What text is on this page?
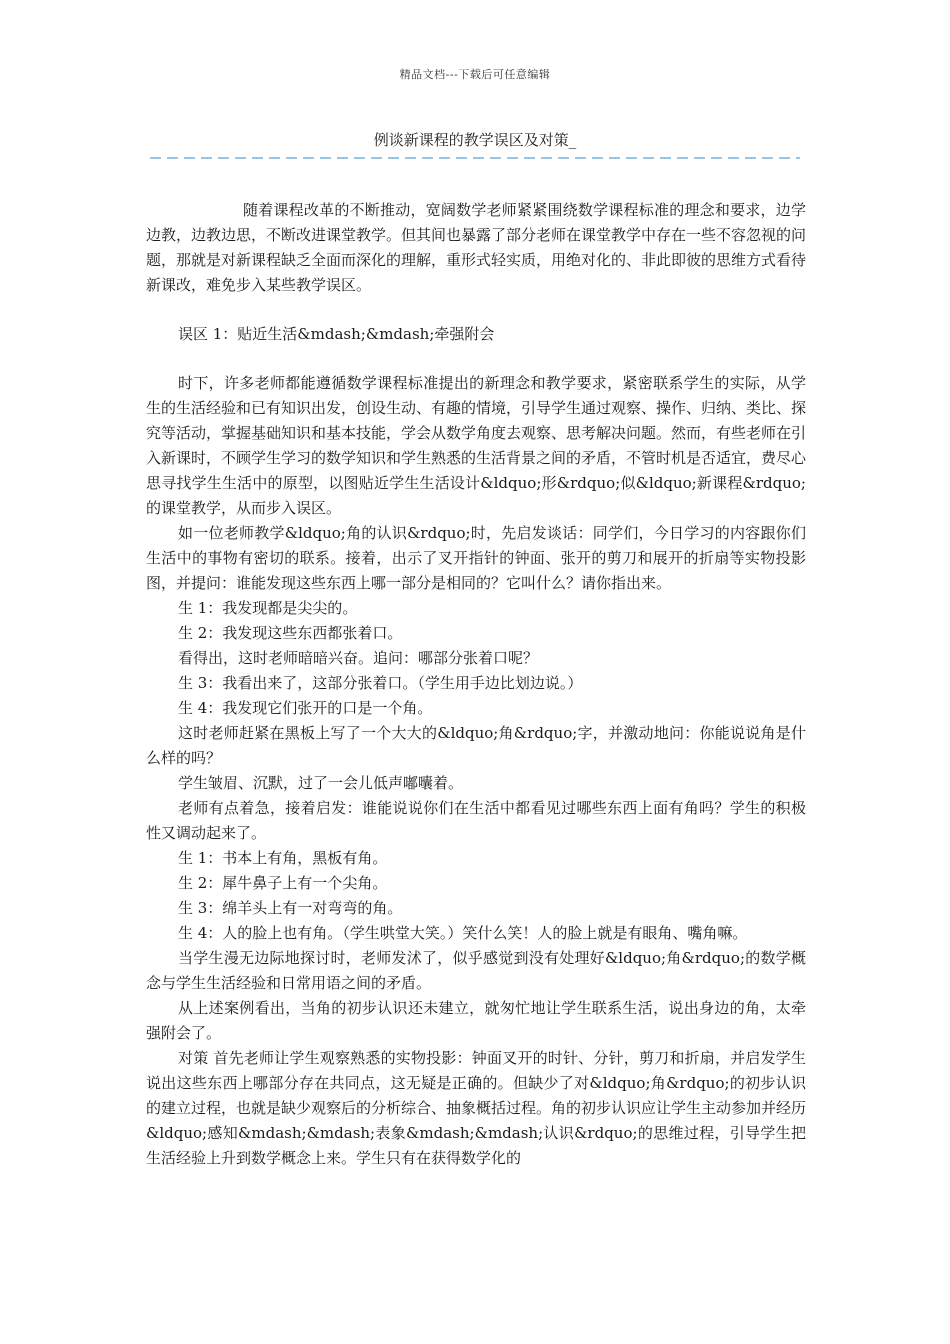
精品文档---下载后可任意编辑
例谈新课程的教学误区及对策_

随着课程改革的不断推动，宽阔数学老师紧紧围绕数学课程标准的理念和要求，边学边教，边教边思，不断改进课堂教学。但其间也暴露了部分老师在课堂教学中存在一些不容忽视的问题，那就是对新课程缺乏全面而深化的理解，重形式轻实质，用绝对化的、非此即彼的思维方式看待新课改，难免步入某些教学误区。

误区 1：贴近生活&mdash;&mdash;牵强附会

时下，许多老师都能遵循数学课程标准提出的新理念和教学要求，紧密联系学生的实际，从学生的生活经验和已有知识出发，创设生动、有趣的情境，引导学生通过观察、操作、归纳、类比、探究等活动，掌握基础知识和基本技能，学会从数学角度去观察、思考解决问题。然而，有些老师在引入新课时，不顾学生学习的数学知识和学生熟悉的生活背景之间的矛盾，不管时机是否适宜，费尽心思寻找学生生活中的原型，以图贴近学生生活设计&ldquo;形&rdquo;似&ldquo;新课程&rdquo;的课堂教学，从而步入误区。

如一位老师教学&ldquo;角的认识&rdquo;时，先启发谈话：同学们，今日学习的内容跟你们生活中的事物有密切的联系。接着，出示了叉开指针的钟面、张开的剪刀和展开的折扇等实物投影图，并提问：谁能发现这些东西上哪一部分是相同的？它叫什么？请你指出来。

生 1：我发现都是尖尖的。

生 2：我发现这些东西都张着口。

看得出，这时老师暗暗兴奋。追问：哪部分张着口呢？

生 3：我看出来了，这部分张着口。（学生用手边比划边说。）

生 4：我发现它们张开的口是一个角。

这时老师赶紧在黑板上写了一个大大的&ldquo;角&rdquo;字，并激动地问：你能说说角是什么样的吗？

学生皱眉、沉默，过了一会儿低声嘟囔着。

老师有点着急，接着启发：谁能说说你们在生活中都看见过哪些东西上面有角吗？学生的积极性又调动起来了。

生 1：书本上有角，黑板有角。

生 2：犀牛鼻子上有一个尖角。

生 3：绵羊头上有一对弯弯的角。

生 4：人的脸上也有角。（学生哄堂大笑。）笑什么笑！人的脸上就是有眼角、嘴角嘛。

当学生漫无边际地探讨时，老师发沭了，似乎感觉到没有处理好&ldquo;角&rdquo;的数学概念与学生生活经验和日常用语之间的矛盾。

从上述案例看出，当角的初步认识还未建立，就匆忙地让学生联系生活，说出身边的角，太牵强附会了。

对策 首先老师让学生观察熟悉的实物投影：钟面叉开的时针、分针，剪刀和折扇，并启发学生说出这些东西上哪部分存在共同点，这无疑是正确的。但缺少了对&ldquo;角&rdquo;的初步认识的建立过程，也就是缺少观察后的分析综合、抽象概括过程。角的初步认识应让学生主动参加并经历&ldquo;感知&mdash;&mdash;表象&mdash;&mdash;认识&rdquo;的思维过程，引导学生把生活经验上升到数学概念上来。学生只有在获得数学化的
